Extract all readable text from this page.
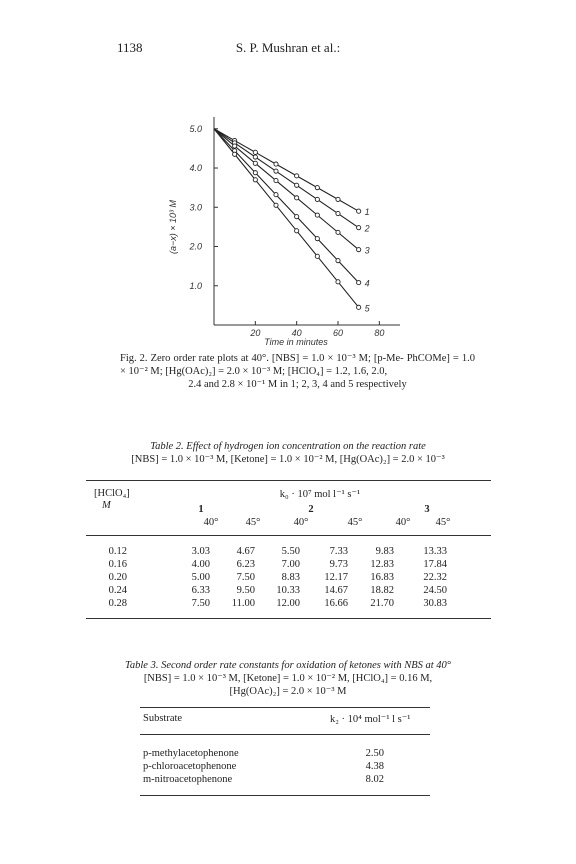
1138	S. P. Mushran et al.:
1.0
2.0
3.0
4.0
5.0
20	40	60	80
1
2
3
4
5
(a−x) × 10³ M
Time in minutes
Fig. 2. Zero order rate plots at 40°. [NBS] = 1.0 × 10⁻³ M; [p-Me- PhCOMe] = 1.0 × 10⁻² M; [Hg(OAc)₂] = 2.0 × 10⁻³ M; [HClO₄] = 1.2, 1.6, 2.0,
2.4 and 2.8 × 10⁻¹ M in 1; 2, 3, 4 and 5 respectively
Table 2. Effect of hydrogen ion concentration on the reaction rate
[NBS] = 1.0 × 10⁻³ M, [Ketone] = 1.0 × 10⁻² M, [Hg(OAc)₂] = 2.0 × 10⁻³
[HClO₄]
M
k₀ · 10⁷ mol l⁻¹ s⁻¹
1	2	3
40°	45°	40°	45°	40°	45°
0.12	3.03	4.67	5.50	7.33	9.83	13.33
0.16	4.00	6.23	7.00	9.73	12.83	17.84
0.20	5.00	7.50	8.83	12.17	16.83	22.32
0.24	6.33	9.50	10.33	14.67	18.82	24.50
0.28	7.50	11.00	12.00	16.66	21.70	30.83
Table 3. Second order rate constants for oxidation of ketones with NBS at 40°
[NBS] = 1.0 × 10⁻³ M, [Ketone] = 1.0 × 10⁻² M, [HClO₄] = 0.16 M,
[Hg(OAc)₂] = 2.0 × 10⁻³ M
Substrate	k₂ · 10⁴ mol⁻¹ l s⁻¹
p-methylacetophenone	2.50
p-chloroacetophenone	4.38
m-nitroacetophenone	8.02
